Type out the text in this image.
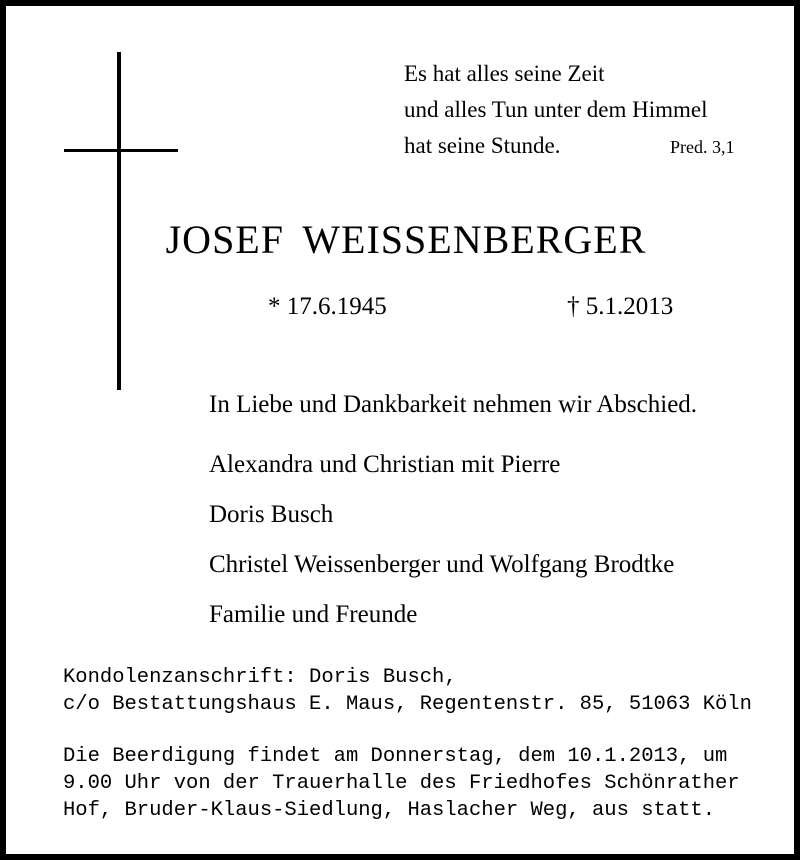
Es hat alles seine Zeit
und alles Tun unter dem Himmel
hat seine Stunde.	Pred. 3,1
JOSEF WEISSENBERGER
* 17.6.1945	† 5.1.2013
In Liebe und Dankbarkeit nehmen wir Abschied.
Alexandra und Christian mit Pierre
Doris Busch
Christel Weissenberger und Wolfgang Brodtke
Familie und Freunde
Kondolenzanschrift: Doris Busch,
c/o Bestattungshaus E. Maus, Regentenstr. 85, 51063 Köln
Die Beerdigung findet am Donnerstag, dem 10.1.2013, um
9.00 Uhr von der Trauerhalle des Friedhofes Schönrather
Hof, Bruder-Klaus-Siedlung, Haslacher Weg, aus statt.
